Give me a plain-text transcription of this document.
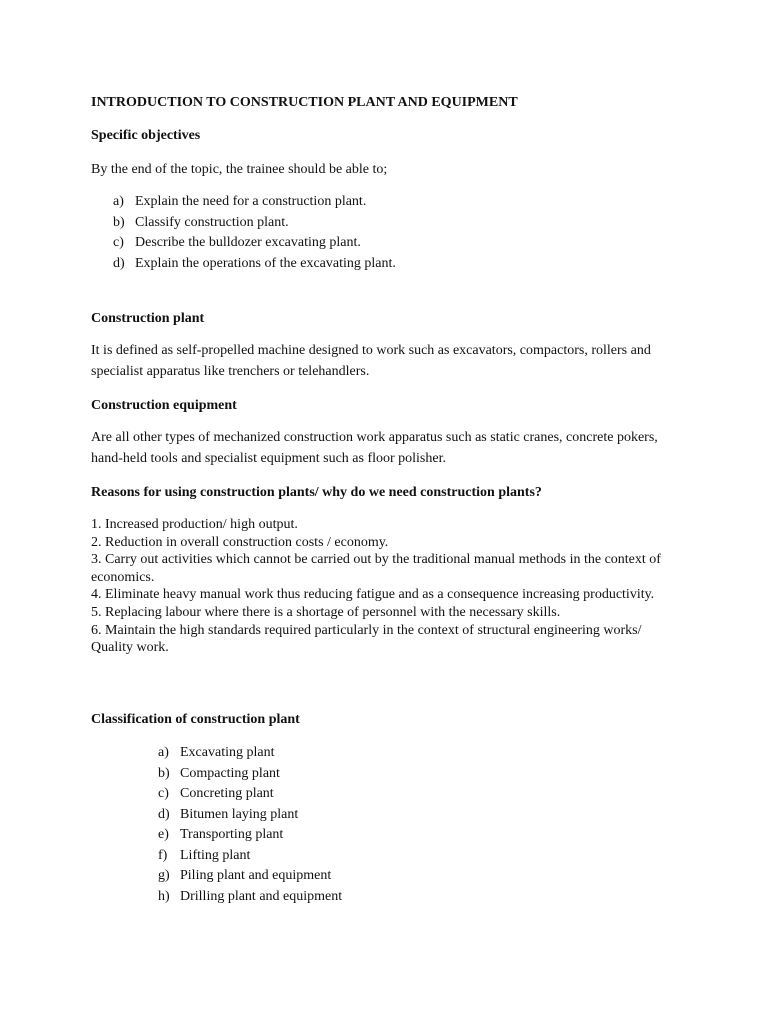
INTRODUCTION TO CONSTRUCTION PLANT AND EQUIPMENT
Specific objectives
By the end of the topic, the trainee should be able to;
a) Explain the need for a construction plant.
b) Classify construction plant.
c) Describe the bulldozer excavating plant.
d) Explain the operations of the excavating plant.
Construction plant
It is defined as self-propelled machine designed to work such as excavators, compactors, rollers and specialist apparatus like trenchers or telehandlers.
Construction equipment
Are all other types of mechanized construction work apparatus such as static cranes, concrete pokers, hand-held tools and specialist equipment such as floor polisher.
Reasons for using construction plants/ why do we need construction plants?
1. Increased production/ high output.
2. Reduction in overall construction costs / economy.
3. Carry out activities which cannot be carried out by the traditional manual methods in the context of economics.
4. Eliminate heavy manual work thus reducing fatigue and as a consequence increasing productivity.
5. Replacing labour where there is a shortage of personnel with the necessary skills.
6. Maintain the high standards required particularly in the context of structural engineering works/ Quality work.
Classification of construction plant
a) Excavating plant
b) Compacting plant
c) Concreting plant
d) Bitumen laying plant
e) Transporting plant
f) Lifting plant
g) Piling plant and equipment
h) Drilling plant and equipment
